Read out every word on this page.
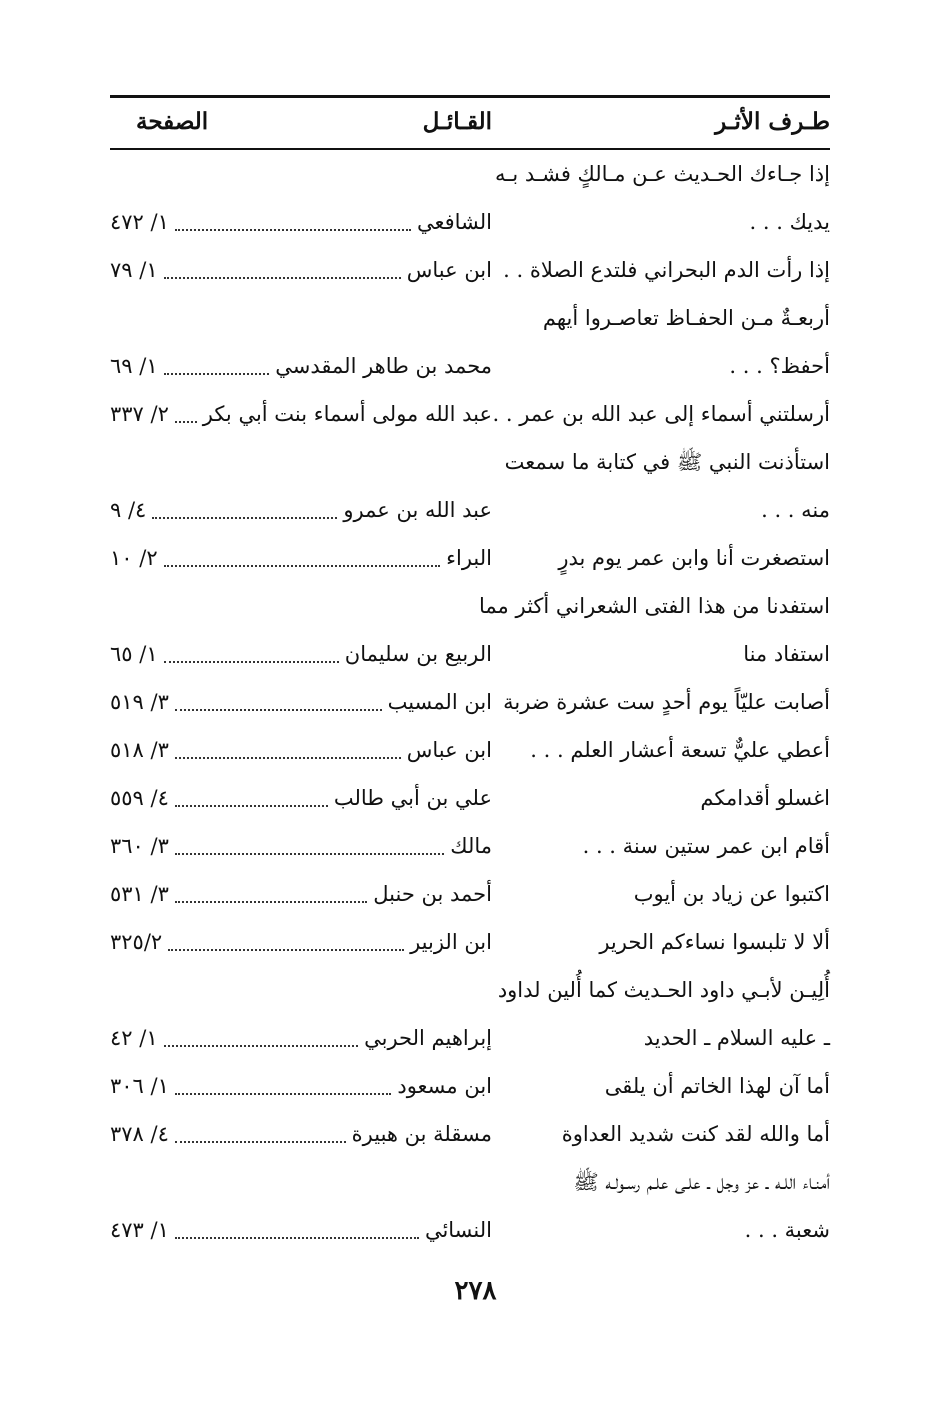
طـرف الأثـر
القـائـل
الصفحة
إذا جـاءك الحـديث عـن مـالكٍ فشـد بـه
يديك . . .
الشافعي
١/ ٤٧٢
إذا رأت الدم البحراني فلتدع الصلاة . .
ابن عباس
١/ ٧٩
أربعـةٌ مـن الحفـاظ تعاصـروا أيهم
أحفظ؟ . . .
محمد بن طاهر المقدسي
١/ ٦٩
أرسلتني أسماء إلى عبد الله بن عمر . .
عبد الله مولى أسماء بنت أبي بكر
٢/ ٣٣٧
استأذنت النبي ﷺ في كتابة ما سمعت
منه . . .
عبد الله بن عمرو
٤/ ٩
استصغرت أنا وابن عمر يوم بدرٍ
البراء
٢/ ١٠
استفدنا من هذا الفتى الشعراني أكثر مما
استفاد منا
الربيع بن سليمان
١/ ٦٥
أصابت عليّاً يوم أحدٍ ست عشرة ضربة
ابن المسيب
٣/ ٥١٩
أعطي عليٌّ تسعة أعشار العلم . . .
ابن عباس
٣/ ٥١٨
اغسلو أقدامكم
علي بن أبي طالب
٤/ ٥٥٩
أقام ابن عمر ستين سنة . . .
مالك
٣/ ٣٦٠
اكتبوا عن زياد بن أيوب
أحمد بن حنبل
٣/ ٥٣١
ألا لا تلبسوا نساءكم الحرير
ابن الزبير
٣٢٥/٢
أُلِيـن لأبـي داود الحـديث كما أُلين لداود
ـ عليه السلام ـ الحديد
إبراهيم الحربي
١/ ٤٢
أما آن لهذا الخاتم أن يلقى
ابن مسعود
١/ ٣٠٦
أما والله لقد كنت شديد العداوة
مسقلة بن هبيرة
٤/ ٣٧٨
أمنـاء اللـه ـ عز وجل ـ علـى علـم رسـولـه ﷺ
شعبة . . .
النسائي
١/ ٤٧٣
٢٧٨
